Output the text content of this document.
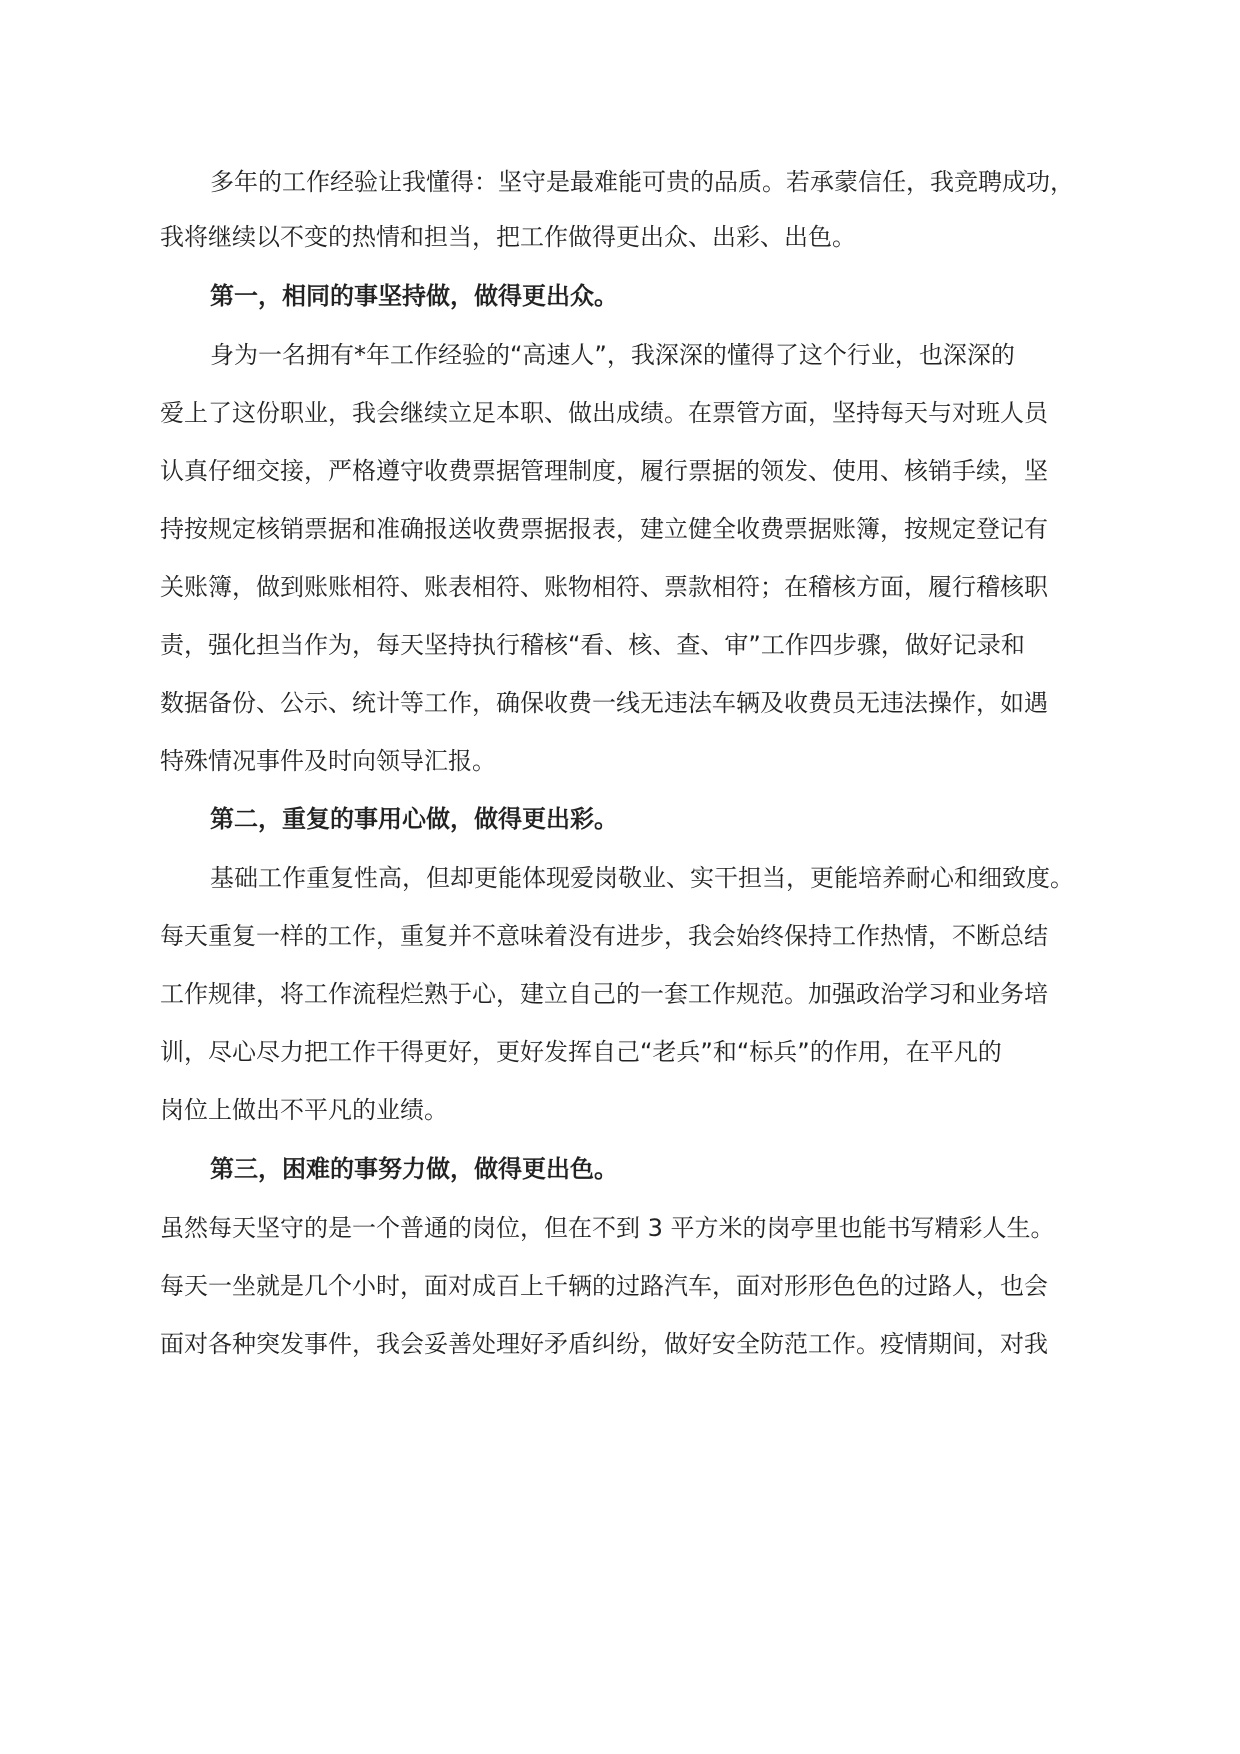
多年的工作经验让我懂得：坚守是最难能可贵的品质。若承蒙信任，我竞聘成功，
我将继续以不变的热情和担当，把工作做得更出众、出彩、出色。
第一，相同的事坚持做，做得更出众。
身为一名拥有*年工作经验的“高速人”，我深深的懂得了这个行业，也深深的
爱上了这份职业，我会继续立足本职、做出成绩。在票管方面，坚持每天与对班人员
认真仔细交接，严格遵守收费票据管理制度，履行票据的领发、使用、核销手续，坚
持按规定核销票据和准确报送收费票据报表，建立健全收费票据账簿，按规定登记有
关账簿，做到账账相符、账表相符、账物相符、票款相符；在稽核方面，履行稽核职
责，强化担当作为，每天坚持执行稽核“看、核、查、审”工作四步骤，做好记录和
数据备份、公示、统计等工作，确保收费一线无违法车辆及收费员无违法操作，如遇
特殊情况事件及时向领导汇报。
第二，重复的事用心做，做得更出彩。
基础工作重复性高，但却更能体现爱岗敬业、实干担当，更能培养耐心和细致度。
每天重复一样的工作，重复并不意味着没有进步，我会始终保持工作热情，不断总结
工作规律，将工作流程烂熟于心，建立自己的一套工作规范。加强政治学习和业务培
训，尽心尽力把工作干得更好，更好发挥自己“老兵”和“标兵”的作用，在平凡的
岗位上做出不平凡的业绩。
第三，困难的事努力做，做得更出色。
虽然每天坚守的是一个普通的岗位，但在不到 3 平方米的岗亭里也能书写精彩人生。
每天一坐就是几个小时，面对成百上千辆的过路汽车，面对形形色色的过路人，也会
面对各种突发事件，我会妥善处理好矛盾纠纷，做好安全防范工作。疫情期间，对我
